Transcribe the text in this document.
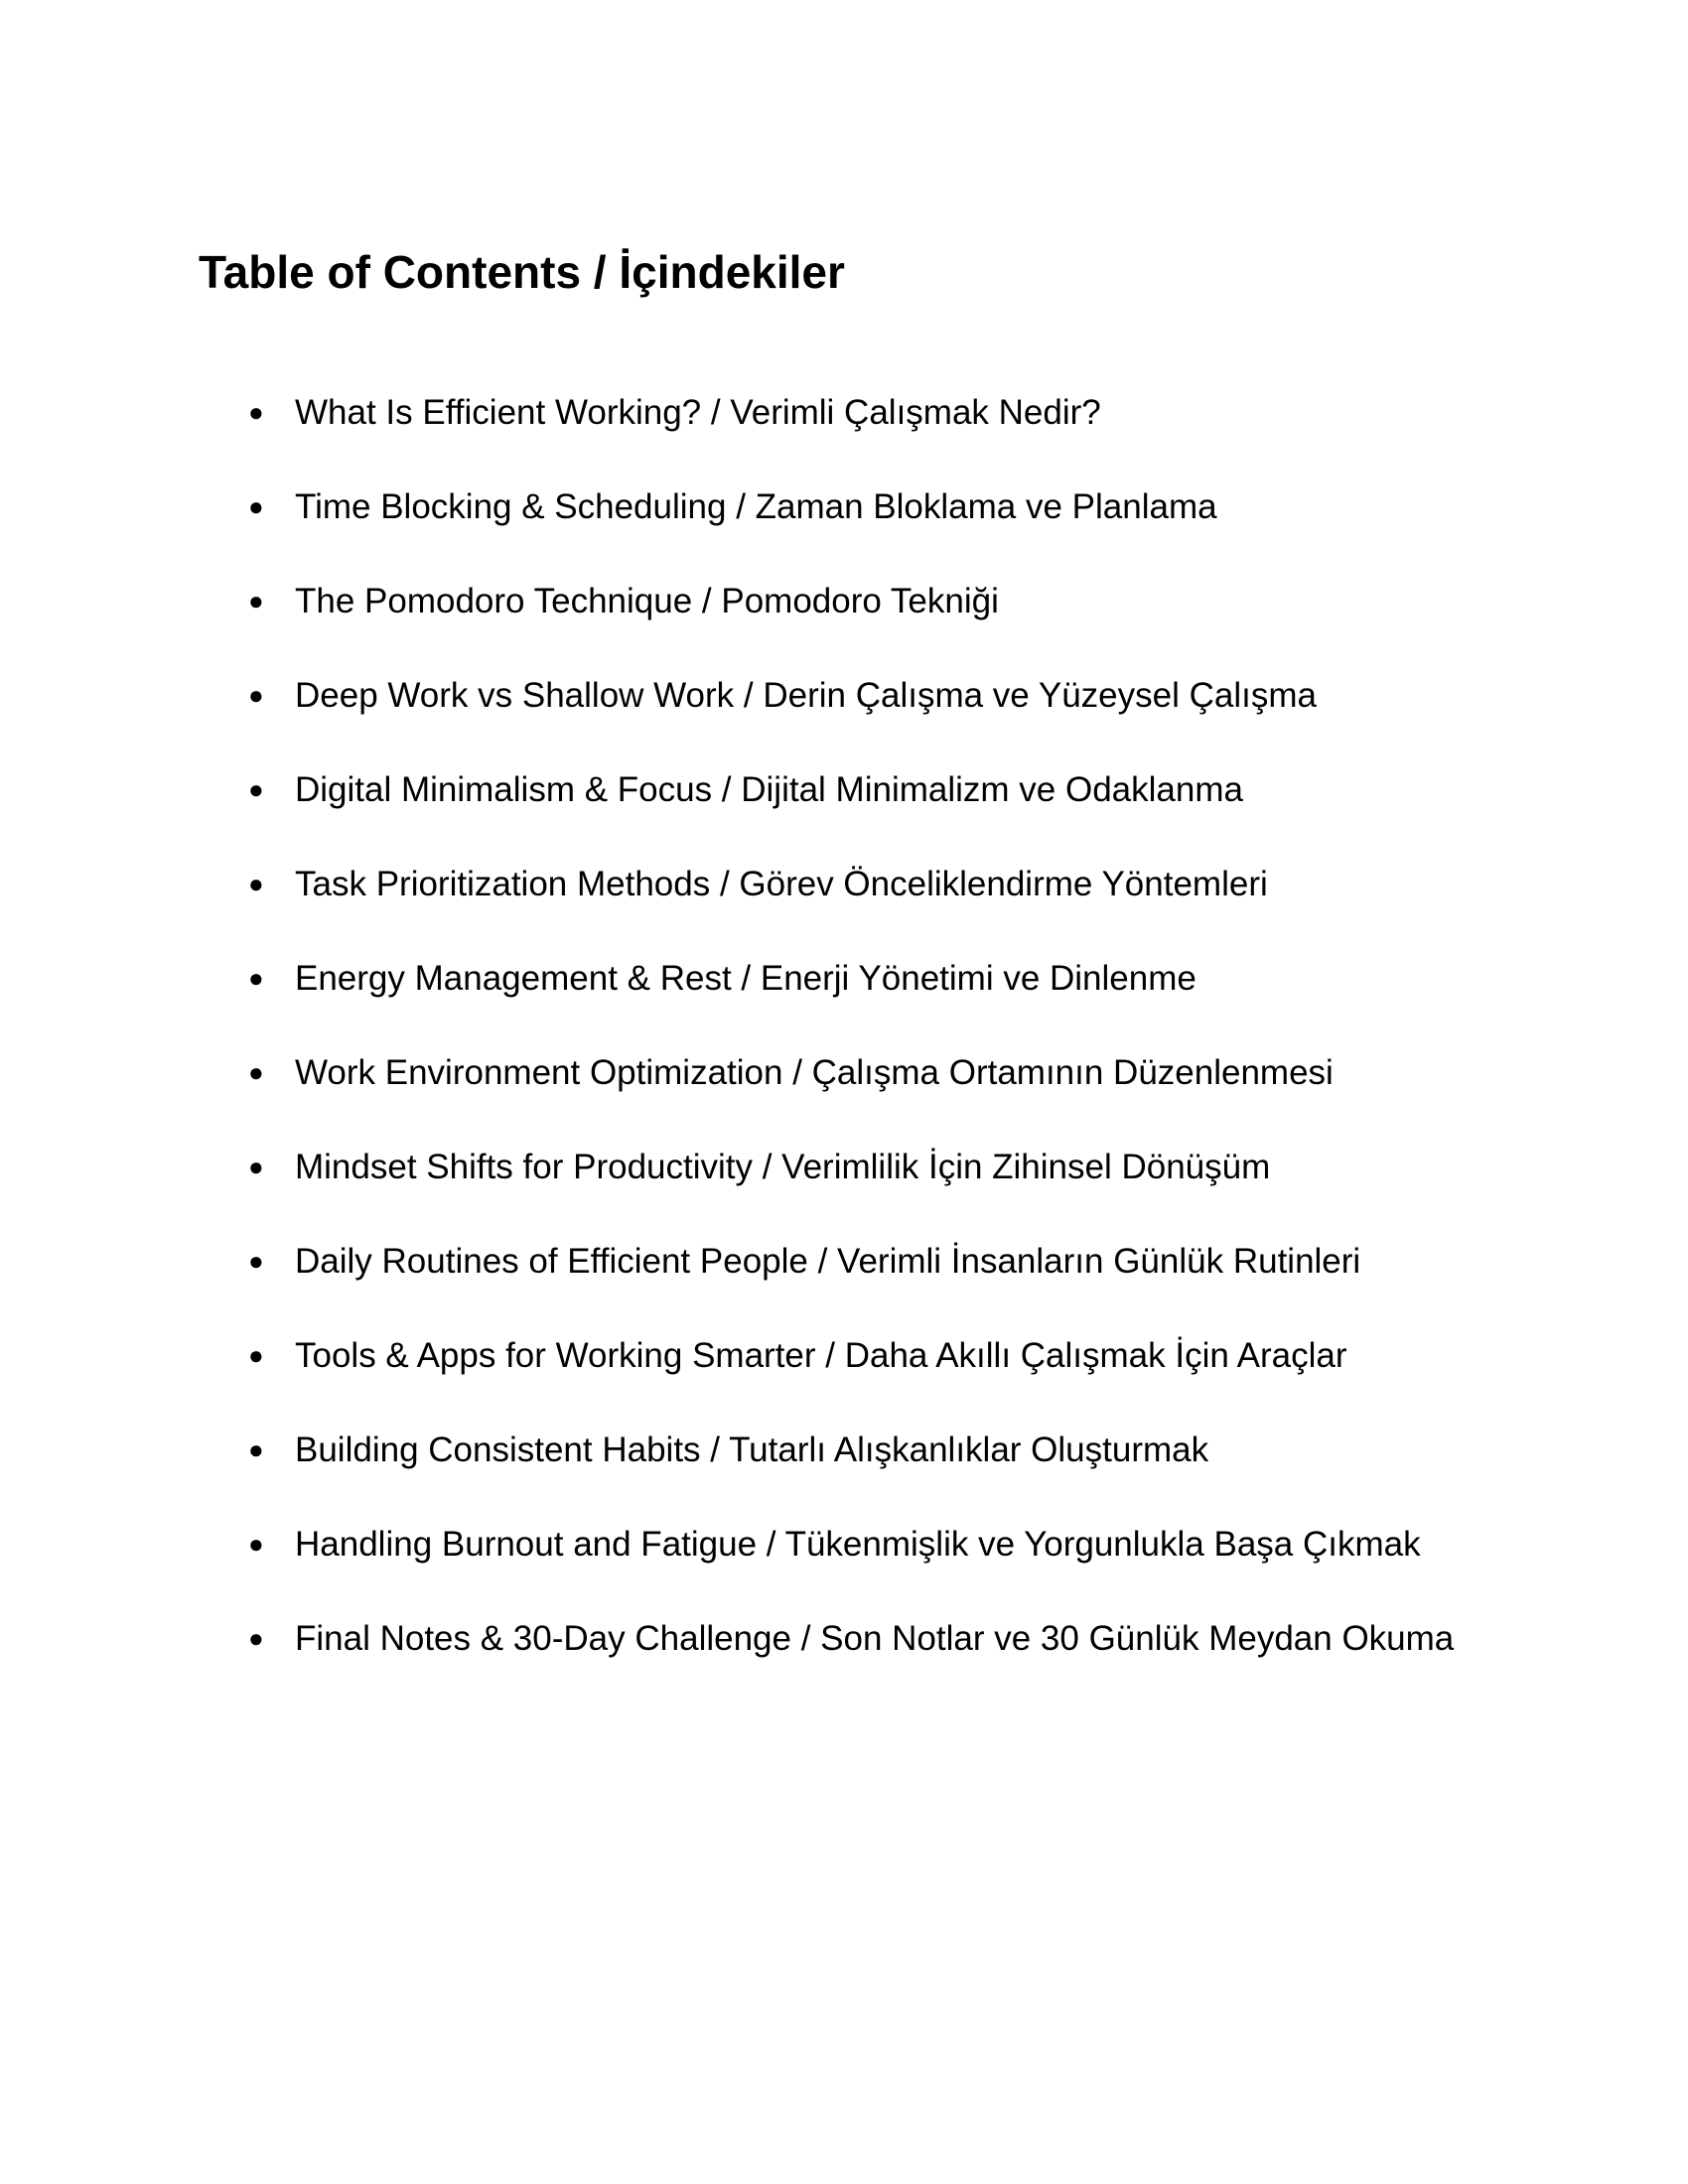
Table of Contents / İçindekiler
● What Is Efficient Working? / Verimli Çalışmak Nedir?
● Time Blocking & Scheduling / Zaman Bloklama ve Planlama
● The Pomodoro Technique / Pomodoro Tekniği
● Deep Work vs Shallow Work / Derin Çalışma ve Yüzeysel Çalışma
● Digital Minimalism & Focus / Dijital Minimalizm ve Odaklanma
● Task Prioritization Methods / Görev Önceliklendirme Yöntemleri
● Energy Management & Rest / Enerji Yönetimi ve Dinlenme
● Work Environment Optimization / Çalışma Ortamının Düzenlenmesi
● Mindset Shifts for Productivity / Verimlilik İçin Zihinsel Dönüşüm
● Daily Routines of Efficient People / Verimli İnsanların Günlük Rutinleri
● Tools & Apps for Working Smarter / Daha Akıllı Çalışmak İçin Araçlar
● Building Consistent Habits / Tutarlı Alışkanlıklar Oluşturmak
● Handling Burnout and Fatigue / Tükenmişlik ve Yorgunlukla Başa Çıkmak
● Final Notes & 30-Day Challenge / Son Notlar ve 30 Günlük Meydan Okuma
